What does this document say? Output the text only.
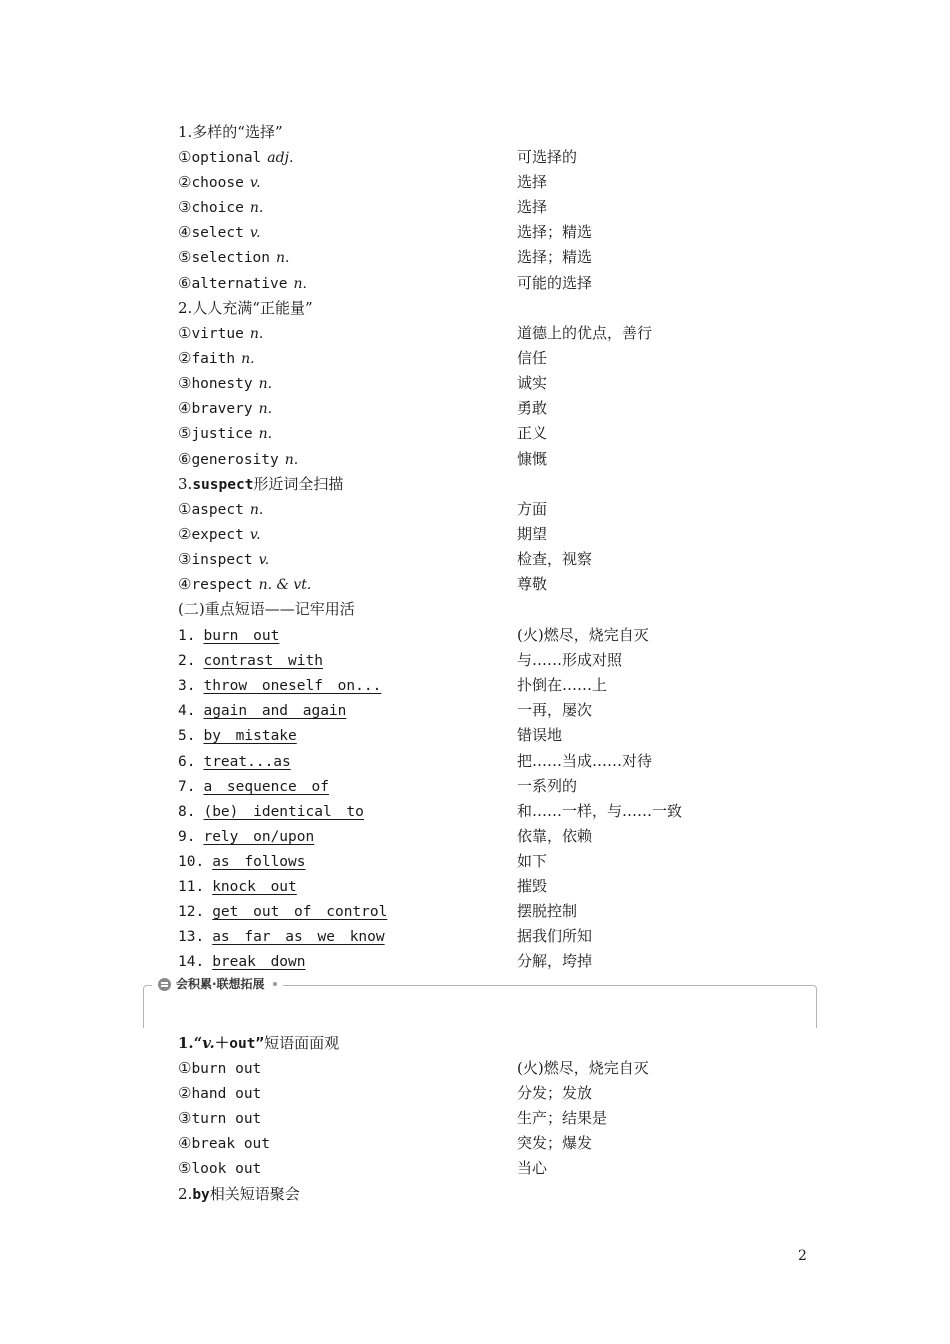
1.多样的“选择”
①optional adj.	可选择的
②choose v.	选择
③choice n.	选择
④select v.	选择；精选
⑤selection n.	选择；精选
⑥alternative n.	可能的选择
2.人人充满“正能量”
①virtue n.	道德上的优点，善行
②faith n.	信任
③honesty n.	诚实
④bravery n.	勇敢
⑤justice n.	正义
⑥generosity n.	慷慨
3.suspect形近词全扫描
①aspect n.	方面
②expect v.	期望
③inspect v.	检查，视察
④respect n. & vt.	尊敬
(二)重点短语——记牢用活
1. burn out	(火)燃尽，烧完自灭
2. contrast with	与……形成对照
3. throw oneself on...	扑倒在……上
4. again and again	一再，屡次
5. by mistake	错误地
6. treat...as	把……当成……对待
7. a sequence of	一系列的
8. (be) identical to	和……一样，与……一致
9. rely on/upon	依靠，依赖
10. as follows	如下
11. knock out	摧毁
12. get out of control	摆脱控制
13. as far as we know	据我们所知
14. break down	分解，垮掉
会积累·联想拓展
1.“v.＋out”短语面面观
①burn out	(火)燃尽，烧完自灭
②hand out	分发；发放
③turn out	生产；结果是
④break out	突发；爆发
⑤look out	当心
2.by相关短语聚会
2
